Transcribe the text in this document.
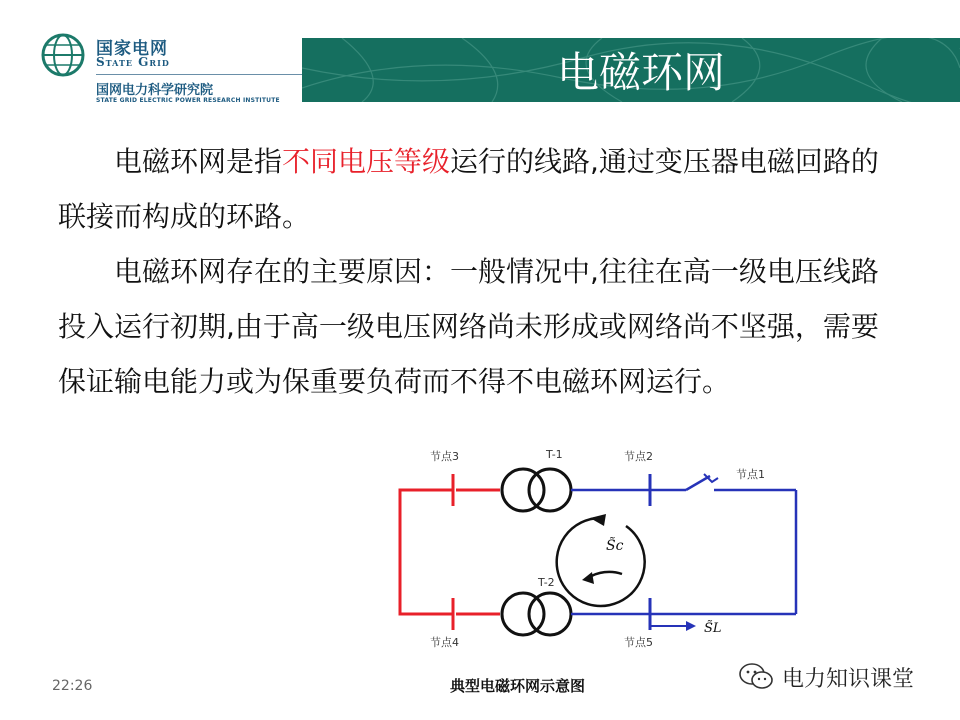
国家电网
State Grid
国网电力科学研究院
STATE GRID ELECTRIC POWER RESEARCH INSTITUTE
电磁环网

电磁环网是指不同电压等级运行的线路,通过变压器电磁回路的联接而构成的环路。

电磁环网存在的主要原因：一般情况中,往往在高一级电压线路投入运行初期,由于高一级电压网络尚未形成或网络尚不坚强，需要保证输电能力或为保重要负荷而不得不电磁环网运行。

节点3	T-1	节点2
节点1
T-2
节点4	节点5
S̃c
S̃L
典型电磁环网示意图
22:26	电力知识课堂
